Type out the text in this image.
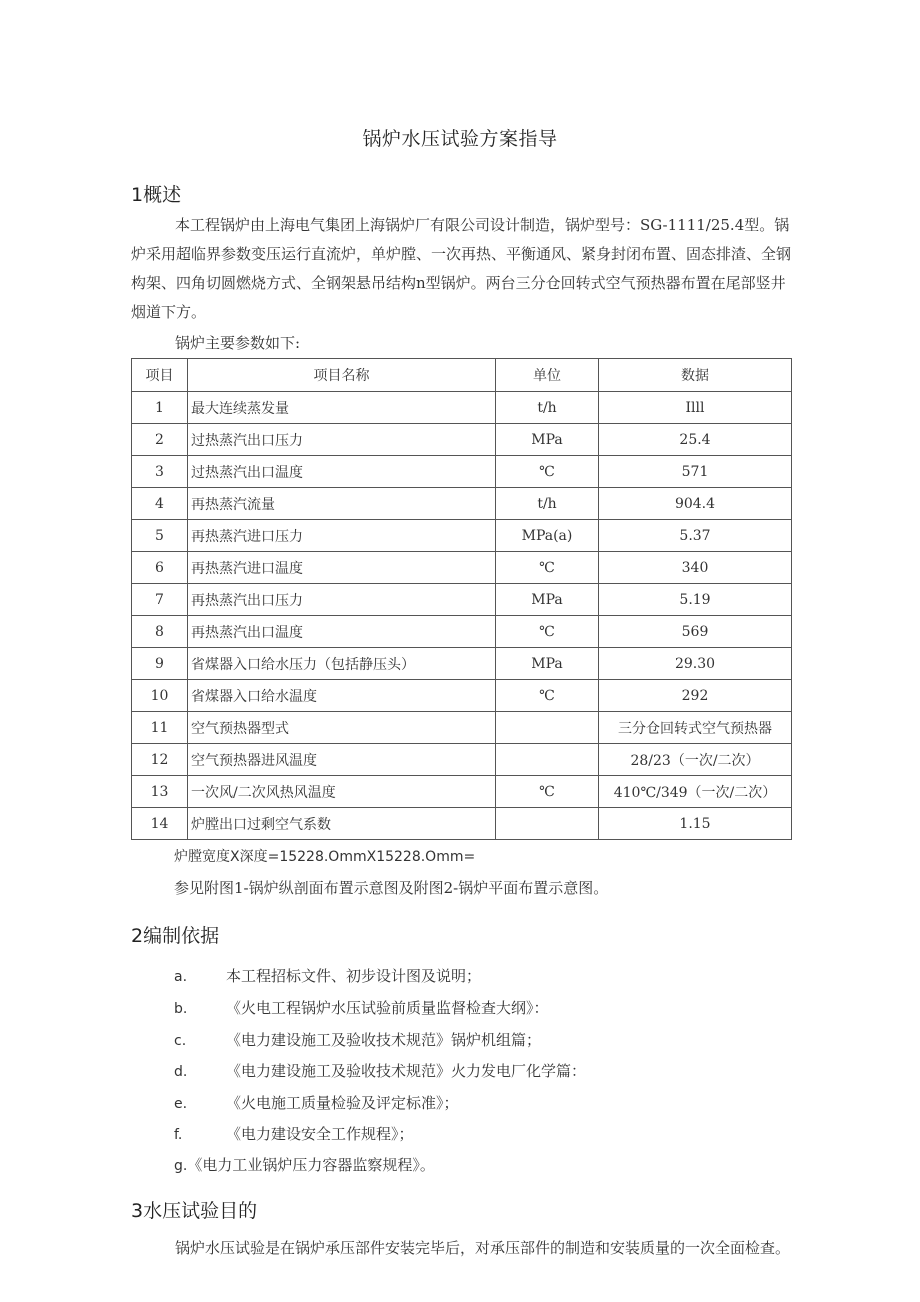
锅炉水压试验方案指导
1概述
本工程锅炉由上海电气集团上海锅炉厂有限公司设计制造，锅炉型号：SG-1111/25.4型。锅炉采用超临界参数变压运行直流炉，单炉膛、一次再热、平衡通风、紧身封闭布置、固态排渣、全钢构架、四角切圆燃烧方式、全钢架悬吊结构n型锅炉。两台三分仓回转式空气预热器布置在尾部竖井烟道下方。
锅炉主要参数如下:
项目	项目名称	单位	数据
1	最大连续蒸发量	t/h	Illl
2	过热蒸汽出口压力	MPa	25.4
3	过热蒸汽出口温度	℃	571
4	再热蒸汽流量	t/h	904.4
5	再热蒸汽进口压力	MPa(a)	5.37
6	再热蒸汽进口温度	℃	340
7	再热蒸汽出口压力	MPa	5.19
8	再热蒸汽出口温度	℃	569
9	省煤器入口给水压力（包括静压头）	MPa	29.30
10	省煤器入口给水温度	℃	292
11	空气预热器型式		三分仓回转式空气预热器
12	空气预热器进风温度		28/23（一次/二次）
13	一次风/二次风热风温度	℃	410℃/349（一次/二次）
14	炉膛出口过剩空气系数		1.15
炉膛宽度X深度=15228.OmmX15228.Omm=
参见附图1-锅炉纵剖面布置示意图及附图2-锅炉平面布置示意图。
2编制依据
a.	本工程招标文件、初步设计图及说明；
b.	《火电工程锅炉水压试验前质量监督检查大纲》：
c.	《电力建设施工及验收技术规范》锅炉机组篇；
d.	《电力建设施工及验收技术规范》火力发电厂化学篇：
e.	《火电施工质量检验及评定标准》；
f.	《电力建设安全工作规程》；
g.《电力工业锅炉压力容器监察规程》。
3水压试验目的
锅炉水压试验是在锅炉承压部件安装完毕后，对承压部件的制造和安装质量的一次全面检查。
